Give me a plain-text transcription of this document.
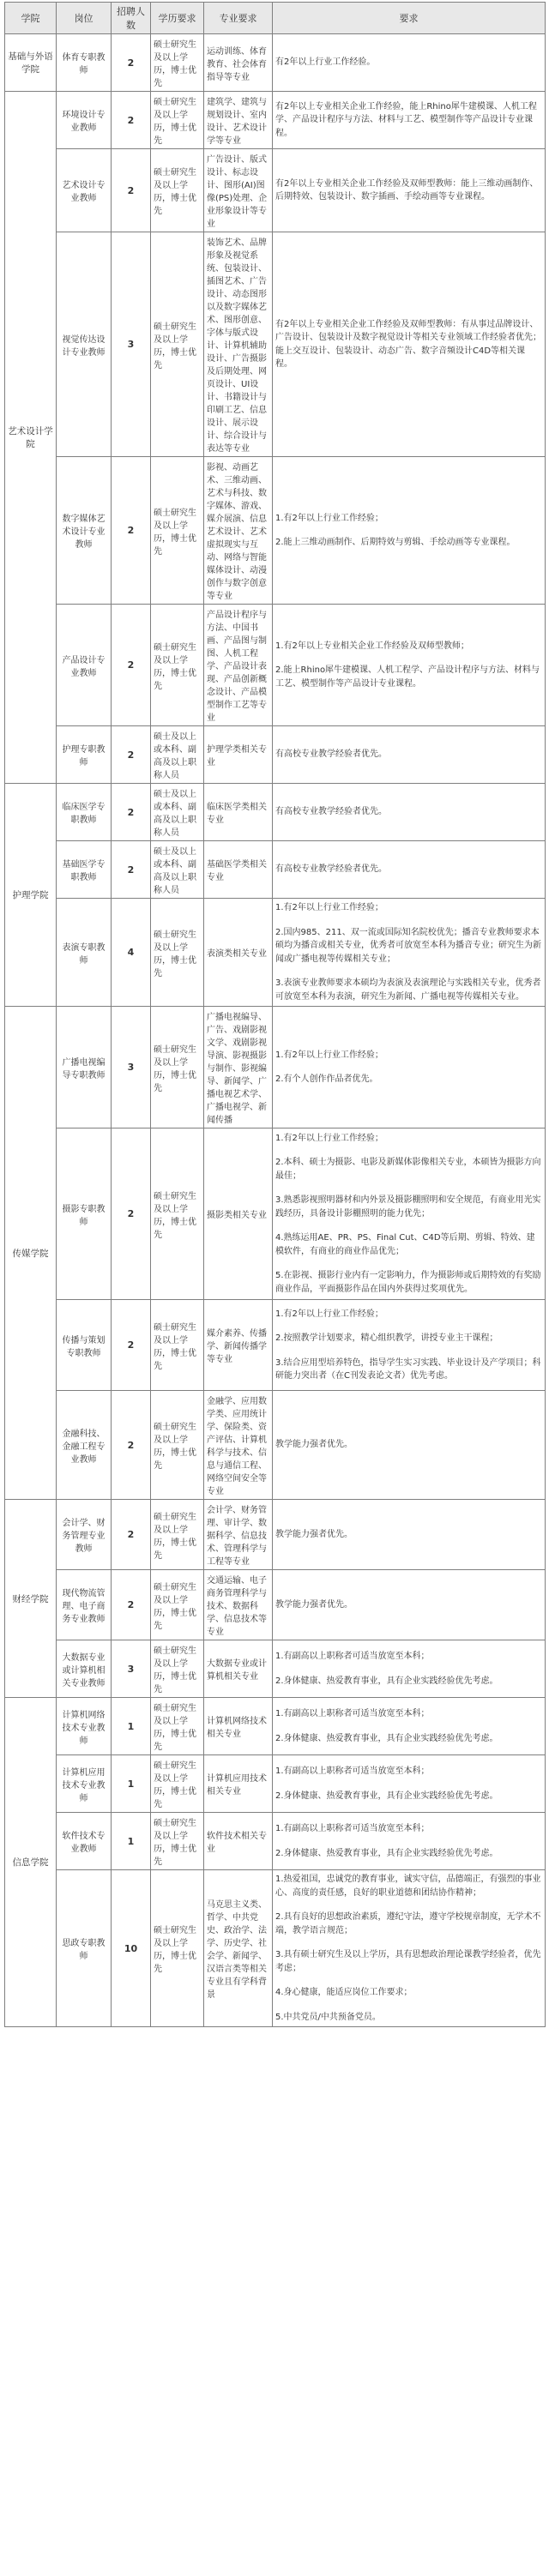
学院	岗位	招聘人数	学历要求	专业要求	要求
基础与外语学院	体育专职教师	2	硕士研究生及以上学历，博士优先	运动训练、体育教育、社会体育指导等专业	有2年以上行业工作经验。

艺术设计学院	环境设计专业教师	2	硕士研究生及以上学历，博士优先	建筑学、建筑与规划设计、室内设计、艺术设计学等专业	有2年以上专业相关企业工作经验，能上Rhino犀牛建模课、人机工程学、产品设计程序与方法、材料与工艺、模型制作等产品设计专业课程。

	艺术设计专业教师	2	硕士研究生及以上学历，博士优先	广告设计、版式设计、标志设计、图形(AI)图像(PS)处理、企业形象设计等专业	有2年以上专业相关企业工作经验及双师型教师：能上三维动画制作、后期特效、包装设计、数字插画、手绘动画等专业课程。

	视觉传达设计专业教师	3	硕士研究生及以上学历，博士优先	装饰艺术、品牌形象及视觉系统、包装设计、插图艺术、广告设计、动态图形以及数字媒体艺术、图形创意、字体与版式设计、计算机辅助设计、广告摄影及后期处理、网页设计、UI设计、书籍设计与印刷工艺、信息设计、展示设计、综合设计与表达等专业	有2年以上专业相关企业工作经验及双师型教师：有从事过品牌设计、广告设计、包装设计及数字视觉设计等相关专业领域工作经验者优先；能上交互设计、包装设计、动态广告、数字音频设计C4D等相关课程。

	数字媒体艺术设计专业教师	2	硕士研究生及以上学历，博士优先	影视、动画艺术、三维动画、艺术与科技、数字媒体、游戏、媒介展演、信息艺术设计、艺术虚拟现实与互动、网络与智能媒体设计、动漫创作与数字创意等专业	1.有2年以上行业工作经验；
2.能上三维动画制作、后期特效与剪辑、手绘动画等专业课程。

	产品设计专业教师	2	硕士研究生及以上学历，博士优先	产品设计程序与方法、中国书画、产品图与制图、人机工程学、产品设计表现、产品创新概念设计、产品模型制作工艺等专业	1.有2年以上专业相关企业工作经验及双师型教师；
2.能上Rhino犀牛建模课、人机工程学、产品设计程序与方法、材料与工艺、模型制作等产品设计专业课程。

	护理专职教师	2	硕士及以上或本科、副高及以上职称人员	护理学类相关专业	有高校专业教学经验者优先。

护理学院	临床医学专职教师	2	硕士及以上或本科、副高及以上职称人员	临床医学类相关专业	有高校专业教学经验者优先。

	基础医学专职教师	2	硕士及以上或本科、副高及以上职称人员	基础医学类相关专业	有高校专业教学经验者优先。

	表演专职教师	4	硕士研究生及以上学历，博士优先	表演类相关专业	1.有2年以上行业工作经验；
2.国内985、211、双一流或国际知名院校优先；播音专业教师要求本硕均为播音或相关专业，优秀者可放宽至本科为播音专业；研究生为新闻或广播电视等传媒相关专业；
3.表演专业教师要求本硕均为表演及表演理论与实践相关专业，优秀者可放宽至本科为表演，研究生为新闻、广播电视等传媒相关专业。

传媒学院	广播电视编导专职教师	3	硕士研究生及以上学历，博士优先	广播电视编导、广告、戏剧影视文学、戏剧影视导演、影视摄影与制作、影视编导、新闻学、广播电视艺术学、广播电视学、新闻传播	1.有2年以上行业工作经验；
2.有个人创作作品者优先。

	摄影专职教师	2	硕士研究生及以上学历，博士优先	摄影类相关专业	1.有2年以上行业工作经验；
2.本科、硕士为摄影、电影及新媒体影像相关专业，本硕皆为摄影方向最佳；
3.熟悉影视照明器材和内外景及摄影棚照明和安全规范，有商业用光实践经历，具备设计影棚照明的能力优先；
4.熟练运用AE、PR、PS、Final Cut、C4D等后期、剪辑、特效、建模软件，有商业的商业作品优先；
5.在影视、摄影行业内有一定影响力，作为摄影师或后期特效的有奖励商业作品，平面摄影作品在国内外获得过奖项优先。

	传播与策划专职教师	2	硕士研究生及以上学历，博士优先	媒介素养、传播学、新闻传播学等专业	1.有2年以上行业工作经验；
2.按照教学计划要求，精心组织教学，讲授专业主干课程；
3.结合应用型培养特色，指导学生实习实践、毕业设计及产学项目；科研能力突出者（在C刊发表论文者）优先考虑。

	金融科技、金融工程专业教师	2	硕士研究生及以上学历，博士优先	金融学、应用数学类、应用统计学、保险类、资产评估、计算机科学与技术、信息与通信工程、网络空间安全等专业	教学能力强者优先。

财经学院	会计学、财务管理专业教师	2	硕士研究生及以上学历，博士优先	会计学、财务管理、审计学、数据科学、信息技术、管理科学与工程等专业	教学能力强者优先。

	现代物流管理、电子商务专业教师	2	硕士研究生及以上学历，博士优先	交通运输、电子商务管理科学与技术、数据科学、信息技术等专业	教学能力强者优先。

	大数据专业或计算机相关专业教师	3	硕士研究生及以上学历，博士优先	大数据专业或计算机相关专业	1.有副高以上职称者可适当放宽至本科；
2.身体健康、热爱教育事业，具有企业实践经验优先考虑。

信息学院	计算机网络技术专业教师	1	硕士研究生及以上学历，博士优先	计算机网络技术相关专业	1.有副高以上职称者可适当放宽至本科；
2.身体健康、热爱教育事业，具有企业实践经验优先考虑。

	计算机应用技术专业教师	1	硕士研究生及以上学历，博士优先	计算机应用技术相关专业	1.有副高以上职称者可适当放宽至本科；
2.身体健康、热爱教育事业，具有企业实践经验优先考虑。

	软件技术专业教师	1	硕士研究生及以上学历，博士优先	软件技术相关专业	1.有副高以上职称者可适当放宽至本科；
2.身体健康、热爱教育事业，具有企业实践经验优先考虑。

	思政专职教师	10	硕士研究生及以上学历，博士优先	马克思主义类、哲学、中共党史、政治学、法学、历史学、社会学、新闻学、汉语言类等相关专业且有学科背景	1.热爱祖国，忠诚党的教育事业，诚实守信，品德端正，有强烈的事业心、高度的责任感，良好的职业道德和团结协作精神；
2.具有良好的思想政治素质，遵纪守法，遵守学校规章制度，无学术不端，教学语言规范；
3.具有硕士研究生及以上学历，具有思想政治理论课教学经验者，优先考虑；
4.身心健康，能适应岗位工作要求；
5.中共党员/中共预备党员。
